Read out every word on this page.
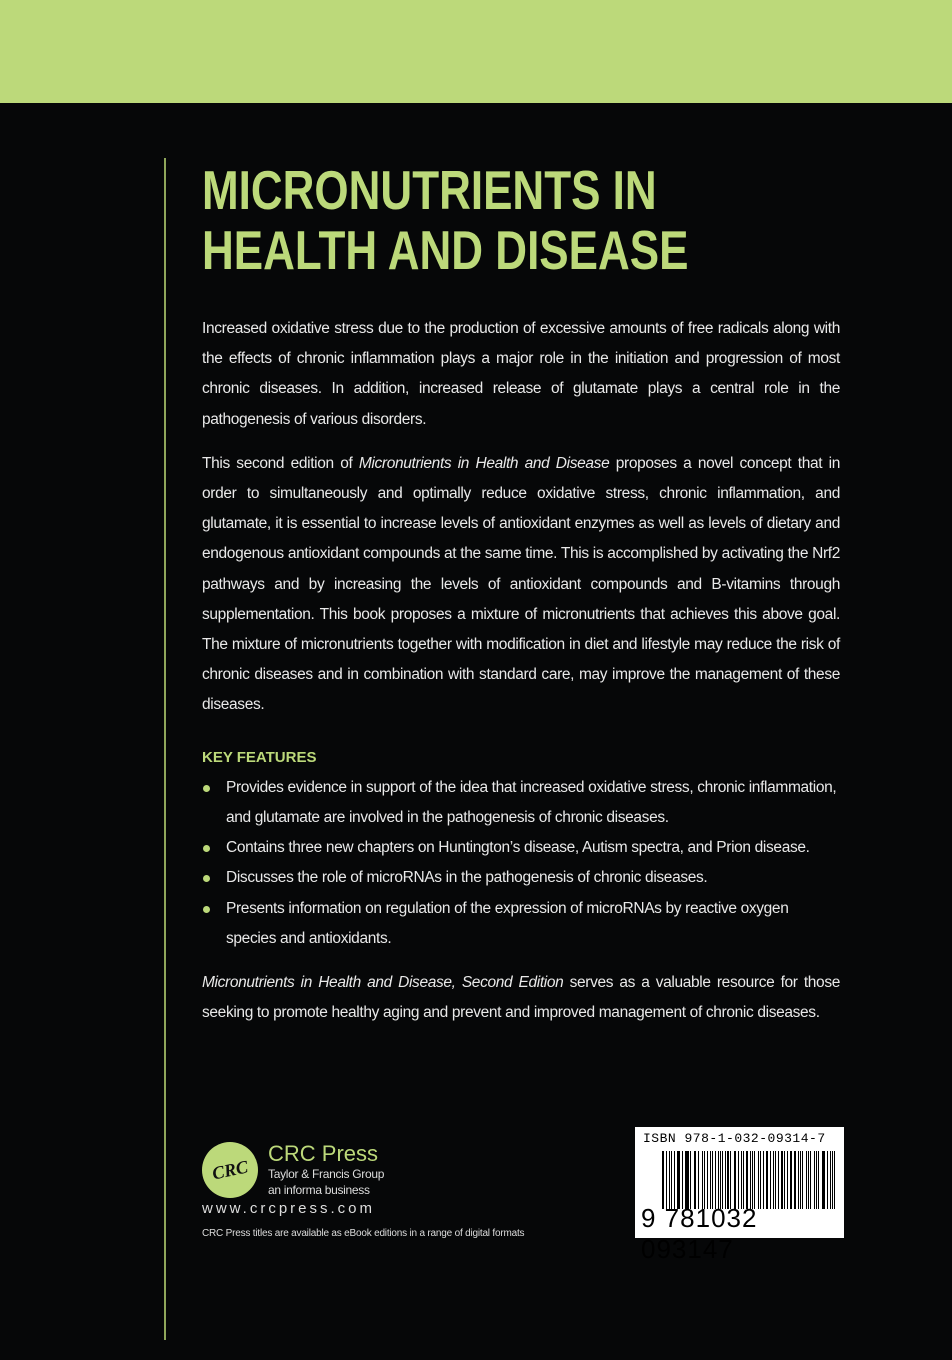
MICRONUTRIENTS IN
HEALTH AND DISEASE

Increased oxidative stress due to the production of excessive amounts of free radicals along with the effects of chronic inflammation plays a major role in the initiation and progression of most chronic diseases. In addition, increased release of glutamate plays a central role in the pathogenesis of various disorders.

This second edition of Micronutrients in Health and Disease proposes a novel concept that in order to simultaneously and optimally reduce oxidative stress, chronic inflammation, and glutamate, it is essential to increase levels of antioxidant enzymes as well as levels of dietary and endogenous antioxidant compounds at the same time. This is accomplished by activating the Nrf2 pathways and by increasing the levels of antioxidant compounds and B-vitamins through supplementation. This book proposes a mixture of micronutrients that achieves this above goal. The mixture of micronutrients together with modification in diet and lifestyle may reduce the risk of chronic diseases and in combination with standard care, may improve the management of these diseases.

KEY FEATURES
Provides evidence in support of the idea that increased oxidative stress, chronic inflammation, and glutamate are involved in the pathogenesis of chronic diseases.
Contains three new chapters on Huntington’s disease, Autism spectra, and Prion disease.
Discusses the role of microRNAs in the pathogenesis of chronic diseases.
Presents information on regulation of the expression of microRNAs by reactive oxygen species and antioxidants.

Micronutrients in Health and Disease, Second Edition serves as a valuable resource for those seeking to promote healthy aging and prevent and improved management of chronic diseases.

CRC
CRC Press
Taylor & Francis Group
an informa business
www.crcpress.com
CRC Press titles are available as eBook editions in a range of digital formats
ISBN 978-1-032-09314-7
9 781032 093147
